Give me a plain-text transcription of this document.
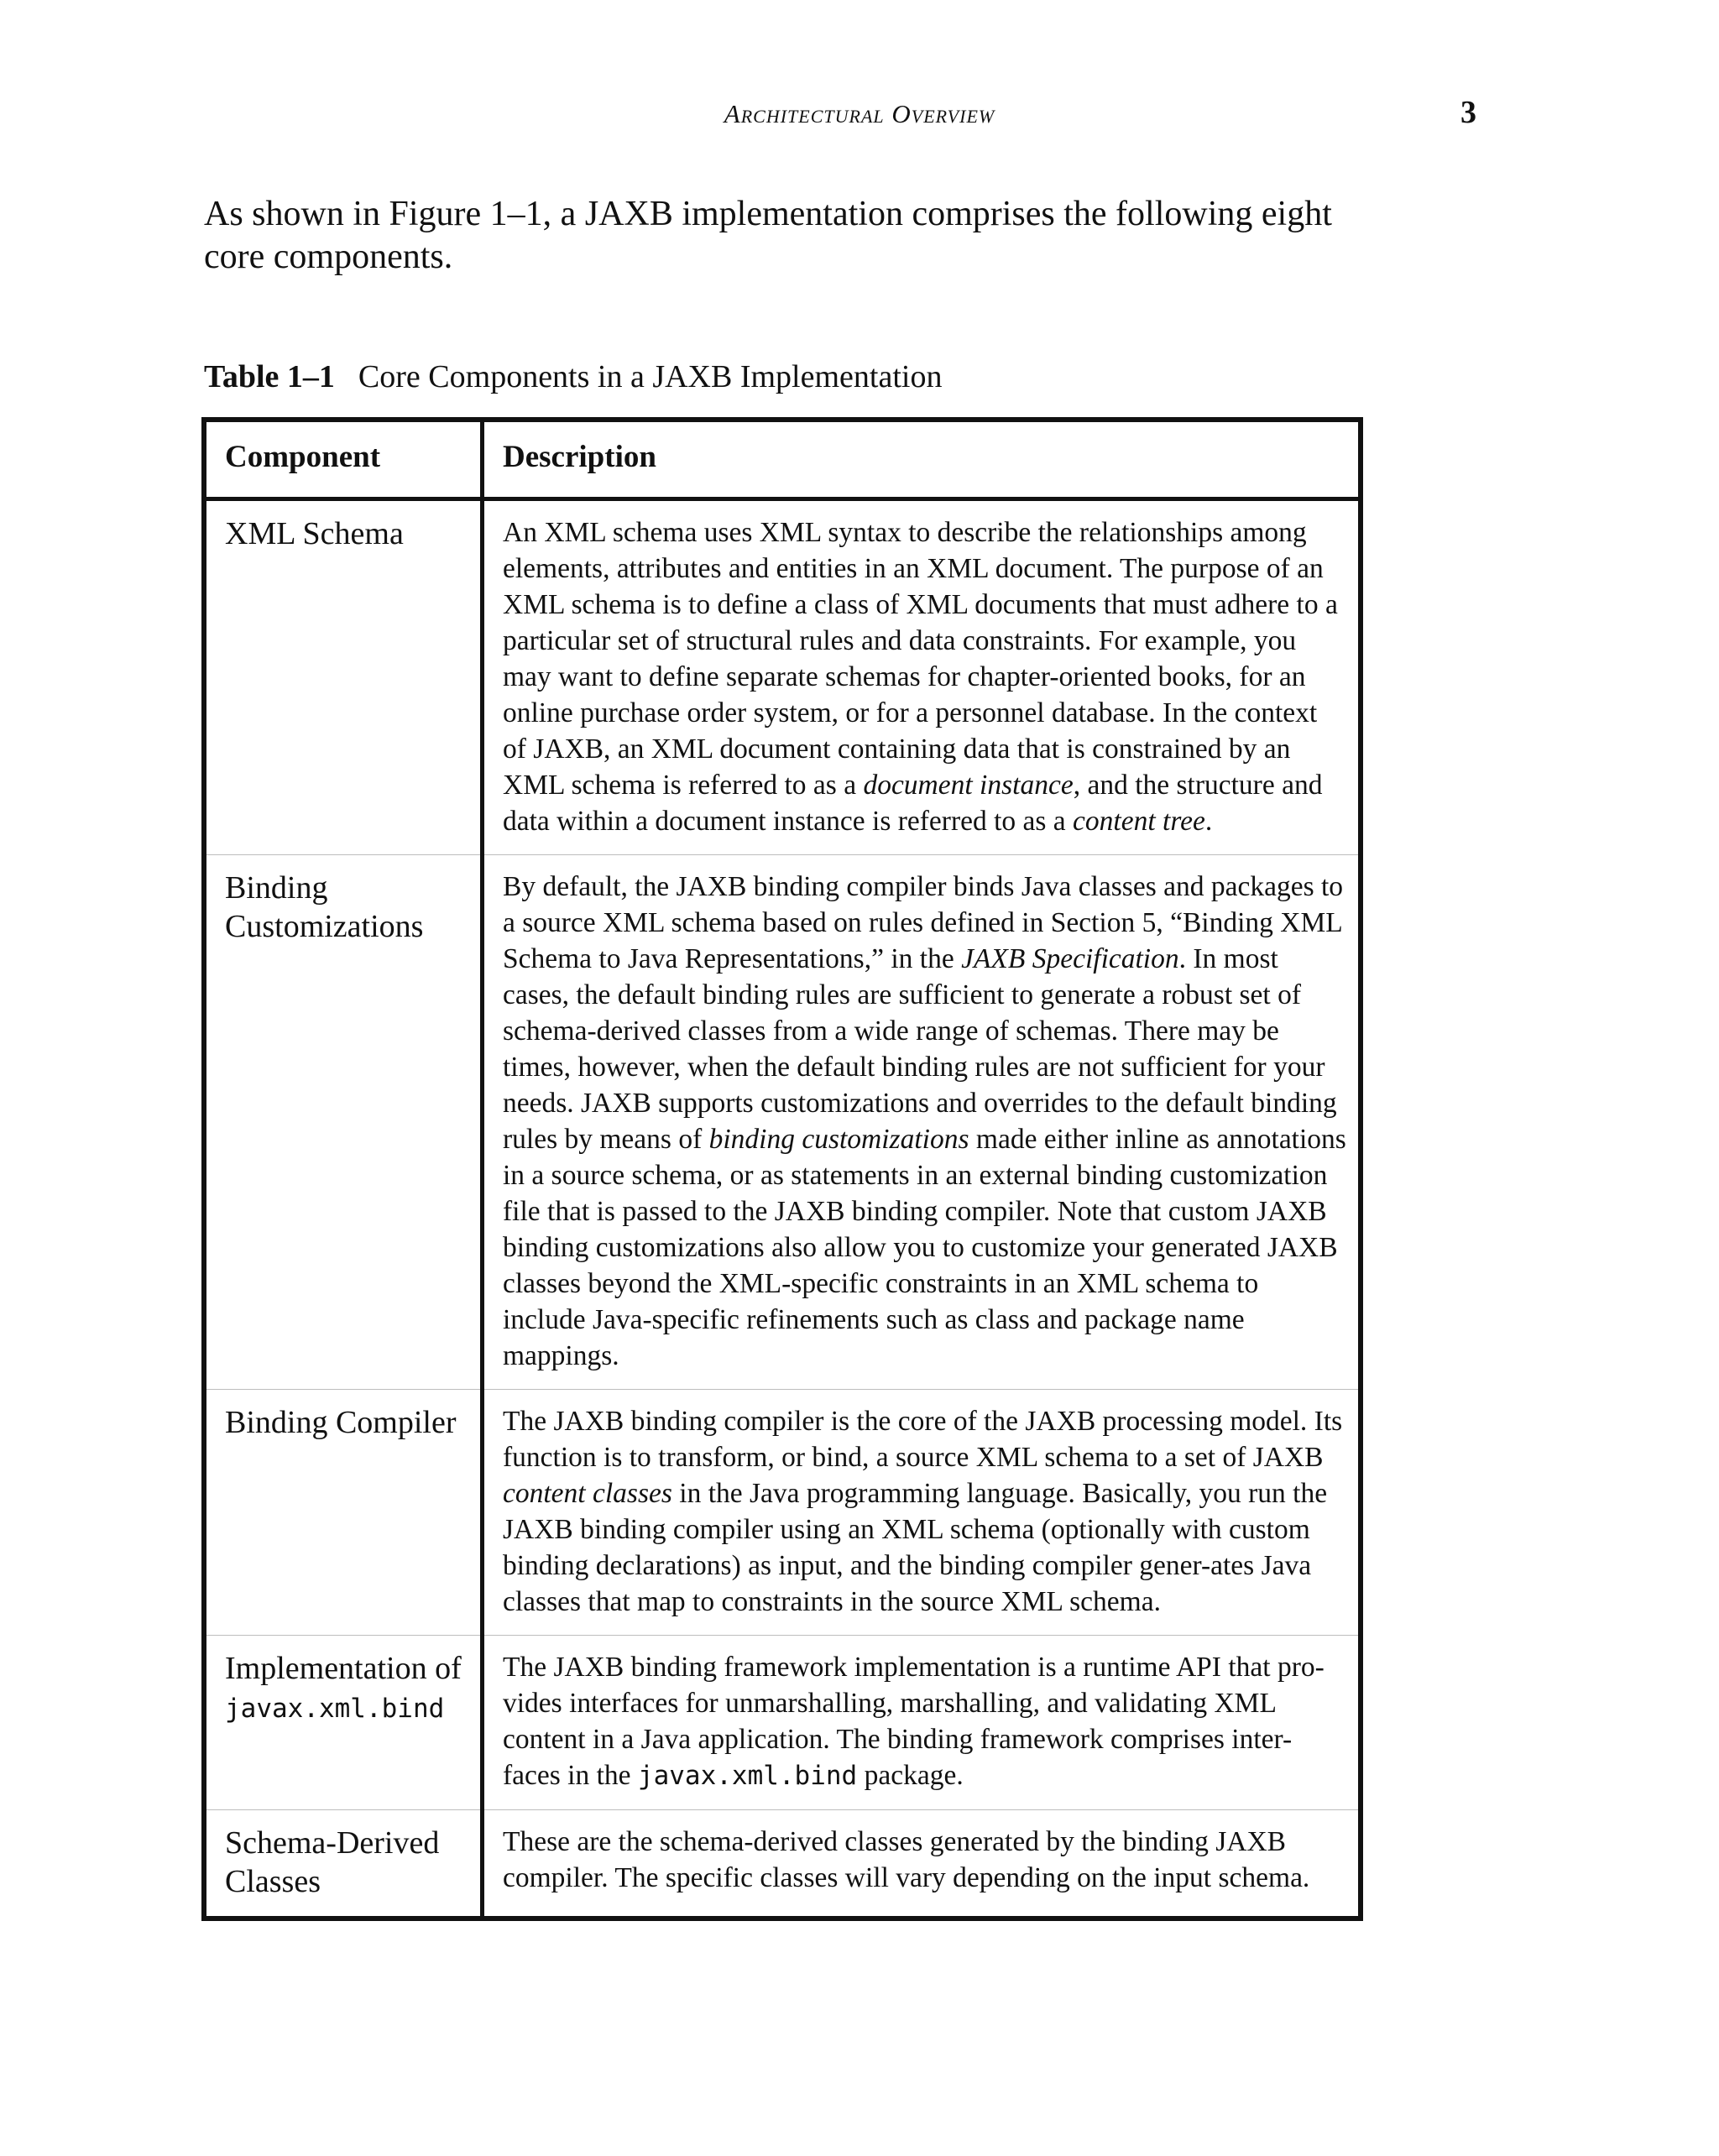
Architectural Overview	3
As shown in Figure 1–1, a JAXB implementation comprises the following eight core components.
Table 1–1 Core Components in a JAXB Implementation
Component	Description
XML Schema	An XML schema uses XML syntax to describe the relationships among elements, attributes and entities in an XML document. The purpose of an XML schema is to define a class of XML documents that must adhere to a particular set of structural rules and data constraints. For example, you may want to define separate schemas for chapter-oriented books, for an online purchase order system, or for a personnel database. In the context of JAXB, an XML document containing data that is constrained by an XML schema is referred to as a document instance, and the structure and data within a document instance is referred to as a content tree.
Binding Customizations	By default, the JAXB binding compiler binds Java classes and packages to a source XML schema based on rules defined in Section 5, “Binding XML Schema to Java Representations,” in the JAXB Specification. In most cases, the default binding rules are sufficient to generate a robust set of schema-derived classes from a wide range of schemas. There may be times, however, when the default binding rules are not sufficient for your needs. JAXB supports customizations and overrides to the default binding rules by means of binding customizations made either inline as annotations in a source schema, or as statements in an external binding customization file that is passed to the JAXB binding compiler. Note that custom JAXB binding customizations also allow you to customize your generated JAXB classes beyond the XML-specific constraints in an XML schema to include Java-specific refinements such as class and package name mappings.
Binding Compiler	The JAXB binding compiler is the core of the JAXB processing model. Its function is to transform, or bind, a source XML schema to a set of JAXB content classes in the Java programming language. Basically, you run the JAXB binding compiler using an XML schema (optionally with custom binding declarations) as input, and the binding compiler gener-ates Java classes that map to constraints in the source XML schema.
Implementation of javax.xml.bind	The JAXB binding framework implementation is a runtime API that pro-vides interfaces for unmarshalling, marshalling, and validating XML content in a Java application. The binding framework comprises inter-faces in the javax.xml.bind package.
Schema-Derived Classes	These are the schema-derived classes generated by the binding JAXB compiler. The specific classes will vary depending on the input schema.
